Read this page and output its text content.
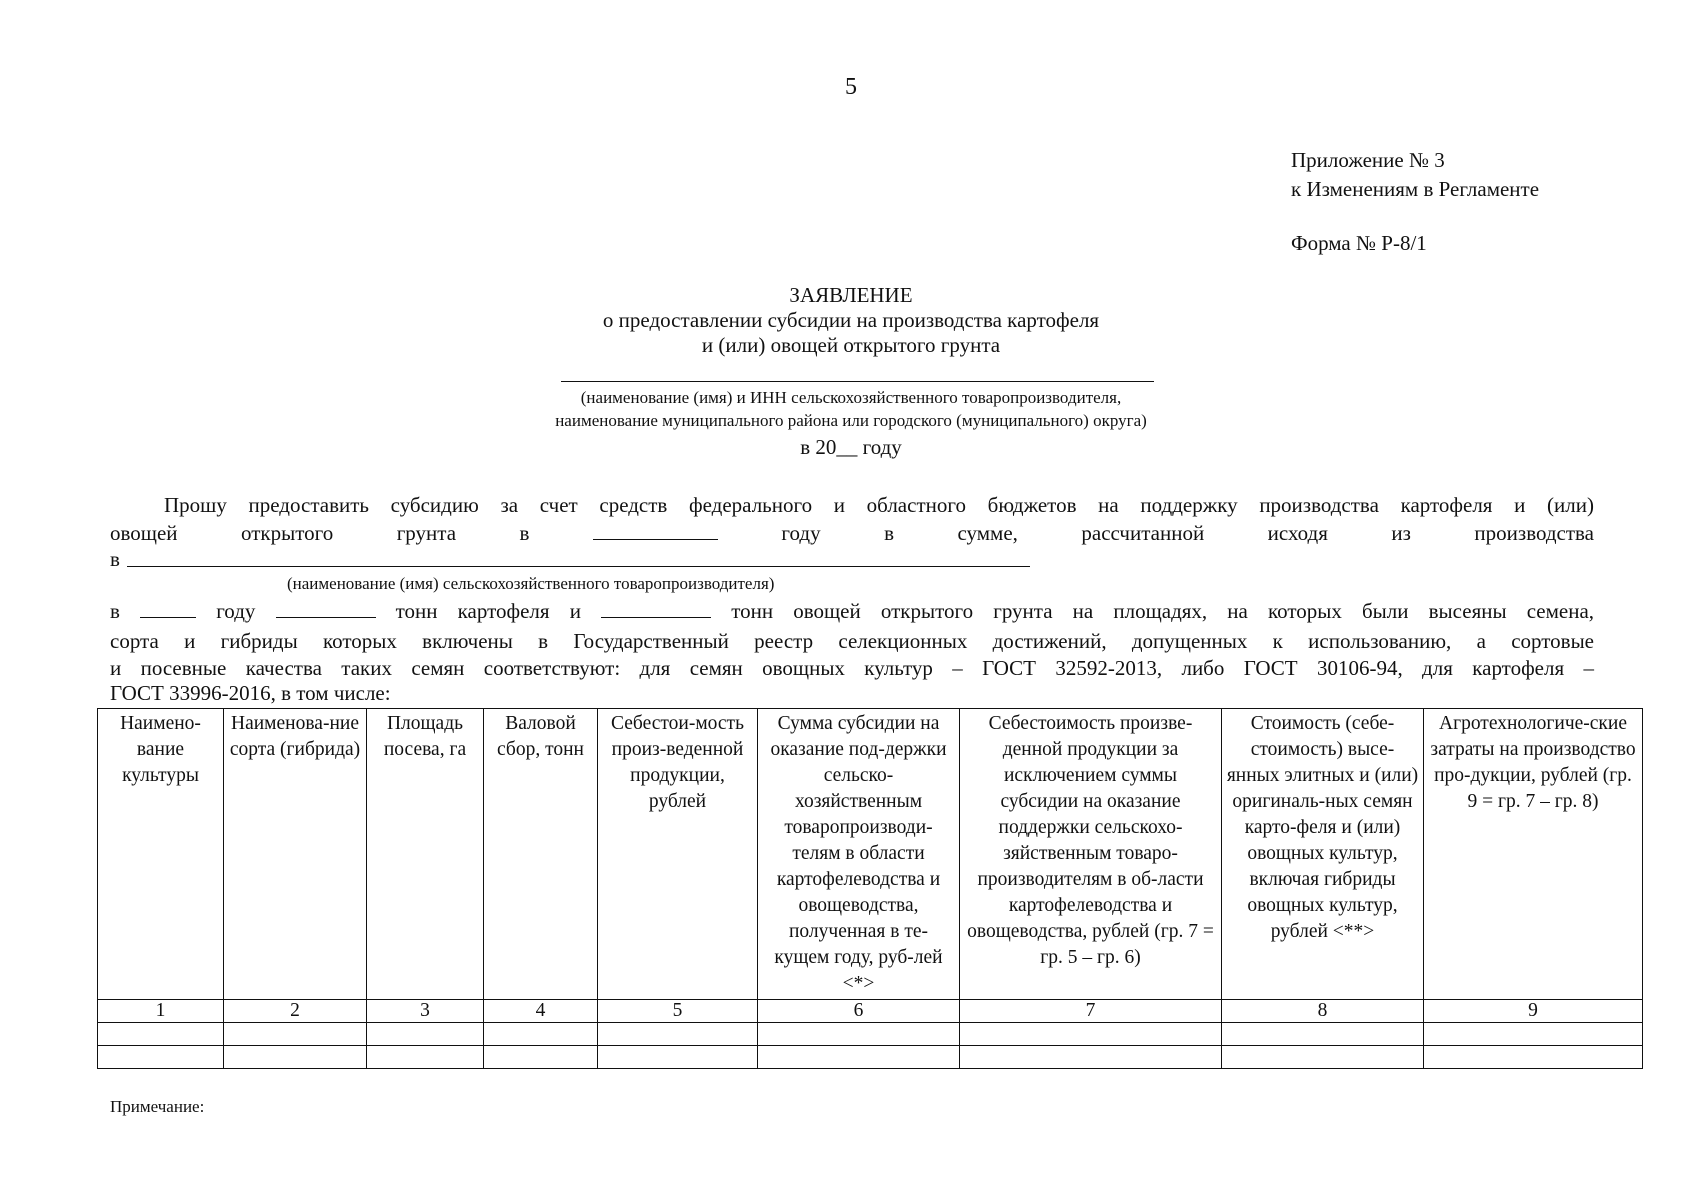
5
Приложение № 3
к Изменениям в Регламенте
Форма № Р-8/1
ЗАЯВЛЕНИЕ
о предоставлении субсидии на производства картофеля
и (или) овощей открытого грунта
(наименование (имя) и ИНН сельскохозяйственного товаропроизводителя,
наименование муниципального района или городского (муниципального) округа)
в 20__ году
Прошу предоставить субсидию за счет средств федерального и областного бюджетов на поддержку производства картофеля и (или)
овощей	открытого	грунта	в	году	в	сумме,	рассчитанной	исходя	из	производства
в
(наименование (имя) сельскохозяйственного товаропроизводителя)
в	году	тонн картофеля и	тонн овощей открытого грунта на площадях, на которых были высеяны семена,
сорта и гибриды которых включены в Государственный реестр селекционных достижений, допущенных к использованию, а сортовые
и посевные качества таких семян соответствуют: для семян овощных культур – ГОСТ 32592-2013, либо ГОСТ 30106-94, для картофеля –
ГОСТ 33996-2016, в том числе:
Наимено-вание культуры	Наименова-ние сорта (гибрида)	Площадь посева, га	Валовой сбор, тонн	Себестои-мость произ-веденной продукции, рублей	Сумма субсидии на оказание под-держки сельско-хозяйственным товаропроизводи-телям в области картофелеводства и овощеводства, полученная в те-кущем году, руб-лей <*>	Себестоимость произве-денной продукции за исключением суммы субсидии на оказание поддержки сельскохо-зяйственным товаро-производителям в об-ласти картофелеводства и овощеводства, рублей (гр. 7 = гр. 5 – гр. 6)	Стоимость (себе-стоимость) высе-янных элитных и (или) оригиналь-ных семян карто-феля и (или) овощных культур, включая гибриды овощных культур, рублей <**>	Агротехнологиче-ские затраты на производство про-дукции, рублей (гр. 9 = гр. 7 – гр. 8)
1	2	3	4	5	6	7	8	9

Примечание:
